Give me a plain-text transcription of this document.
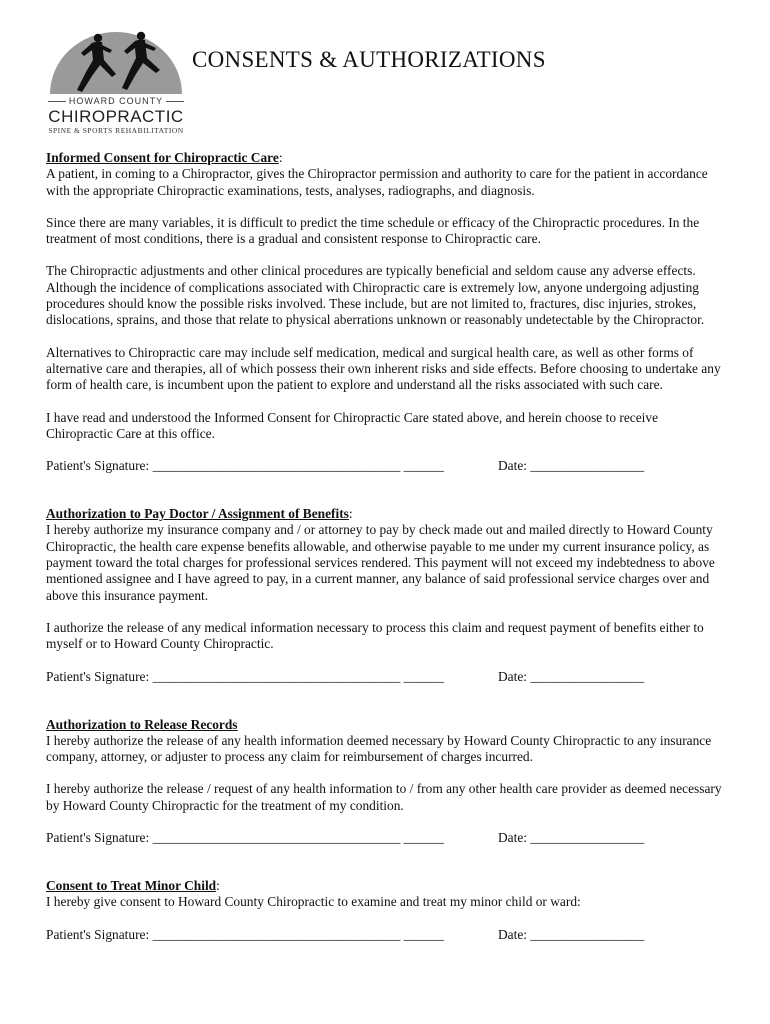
HOWARD COUNTY
CHIROPRACTIC
SPINE & SPORTS REHABILITATION
CONSENTS & AUTHORIZATIONS

Informed Consent for Chiropractic Care:

A patient, in coming to a Chiropractor, gives the Chiropractor permission and authority to care for the patient in accordance with the appropriate Chiropractic examinations, tests, analyses, radiographs, and diagnosis.

Since there are many variables, it is difficult to predict the time schedule or efficacy of the Chiropractic procedures. In the treatment of most conditions, there is a gradual and consistent response to Chiropractic care.

The Chiropractic adjustments and other clinical procedures are typically beneficial and seldom cause any adverse effects. Although the incidence of complications associated with Chiropractic care is extremely low, anyone undergoing adjusting procedures should know the possible risks involved. These include, but are not limited to, fractures, disc injuries, strokes, dislocations, sprains, and those that relate to physical aberrations unknown or reasonably undetectable by the Chiropractor.

Alternatives to Chiropractic care may include self medication, medical and surgical health care, as well as other forms of alternative care and therapies, all of which possess their own inherent risks and side effects. Before choosing to undertake any form of health care, is incumbent upon the patient to explore and understand all the risks associated with such care.

I have read and understood the Informed Consent for Chiropractic Care stated above, and herein choose to receive Chiropractic Care at this office.

Patient's Signature: _____________________________________ ______	Date: _________________

Authorization to Pay Doctor / Assignment of Benefits:

I hereby authorize my insurance company and / or attorney to pay by check made out and mailed directly to Howard County Chiropractic, the health care expense benefits allowable, and otherwise payable to me under my current insurance policy, as payment toward the total charges for professional services rendered. This payment will not exceed my indebtedness to above mentioned assignee and I have agreed to pay, in a current manner, any balance of said professional service charges over and above this insurance payment.

I authorize the release of any medical information necessary to process this claim and request payment of benefits either to myself or to Howard County Chiropractic.

Patient's Signature: _____________________________________ ______	Date: _________________

Authorization to Release Records

I hereby authorize the release of any health information deemed necessary by Howard County Chiropractic to any insurance company, attorney, or adjuster to process any claim for reimbursement of charges incurred.

I hereby authorize the release / request of any health information to / from any other health care provider as deemed necessary by Howard County Chiropractic for the treatment of my condition.

Patient's Signature: _____________________________________ ______	Date: _________________

Consent to Treat Minor Child:

I hereby give consent to Howard County Chiropractic to examine and treat my minor child or ward:

Patient's Signature: _____________________________________ ______	Date: _________________
